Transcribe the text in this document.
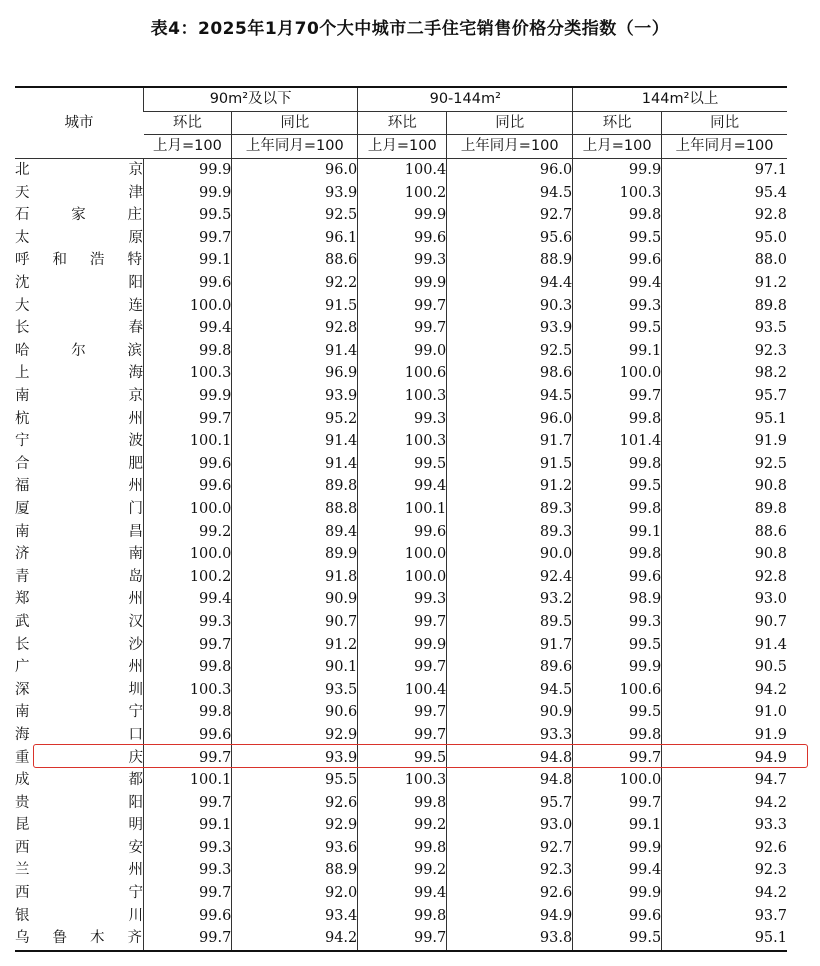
表4：2025年1月70个大中城市二手住宅销售价格分类指数（一）
城市	90m²及以下		90-144m²		144m²以上	
	环比	同比	环比	同比	环比	同比
	上月=100	上年同月=100	上月=100	上年同月=100	上月=100	上年同月=100
北京	99.9	96.0	100.4	96.0	99.9	97.1
天津	99.9	93.9	100.2	94.5	100.3	95.4
石家庄	99.5	92.5	99.9	92.7	99.8	92.8
太原	99.7	96.1	99.6	95.6	99.5	95.0
呼和浩特	99.1	88.6	99.3	88.9	99.6	88.0
沈阳	99.6	92.2	99.9	94.4	99.4	91.2
大连	100.0	91.5	99.7	90.3	99.3	89.8
长春	99.4	92.8	99.7	93.9	99.5	93.5
哈尔滨	99.8	91.4	99.0	92.5	99.1	92.3
上海	100.3	96.9	100.6	98.6	100.0	98.2
南京	99.9	93.9	100.3	94.5	99.7	95.7
杭州	99.7	95.2	99.3	96.0	99.8	95.1
宁波	100.1	91.4	100.3	91.7	101.4	91.9
合肥	99.6	91.4	99.5	91.5	99.8	92.5
福州	99.6	89.8	99.4	91.2	99.5	90.8
厦门	100.0	88.8	100.1	89.3	99.8	89.8
南昌	99.2	89.4	99.6	89.3	99.1	88.6
济南	100.0	89.9	100.0	90.0	99.8	90.8
青岛	100.2	91.8	100.0	92.4	99.6	92.8
郑州	99.4	90.9	99.3	93.2	98.9	93.0
武汉	99.3	90.7	99.7	89.5	99.3	90.7
长沙	99.7	91.2	99.9	91.7	99.5	91.4
广州	99.8	90.1	99.7	89.6	99.9	90.5
深圳	100.3	93.5	100.4	94.5	100.6	94.2
南宁	99.8	90.6	99.7	90.9	99.5	91.0
海口	99.6	92.9	99.7	93.3	99.8	91.9
重庆	99.7	93.9	99.5	94.8	99.7	94.9
成都	100.1	95.5	100.3	94.8	100.0	94.7
贵阳	99.7	92.6	99.8	95.7	99.7	94.2
昆明	99.1	92.9	99.2	93.0	99.1	93.3
西安	99.3	93.6	99.8	92.7	99.9	92.6
兰州	99.3	88.9	99.2	92.3	99.4	92.3
西宁	99.7	92.0	99.4	92.6	99.9	94.2
银川	99.6	93.4	99.8	94.9	99.6	93.7
乌鲁木齐	99.7	94.2	99.7	93.8	99.5	95.1
